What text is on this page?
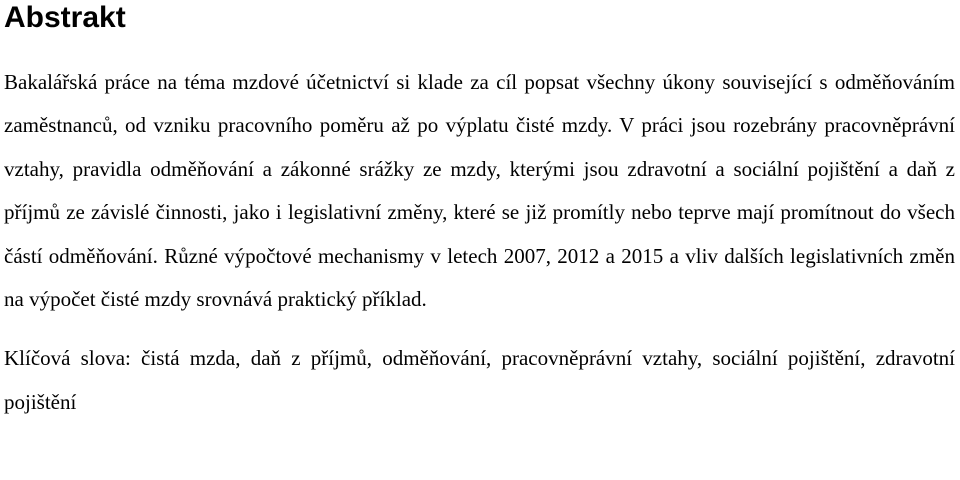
Abstrakt

Bakalářská práce na téma mzdové účetnictví si klade za cíl popsat všechny úkony související s odměňováním zaměstnanců, od vzniku pracovního poměru až po výplatu čisté mzdy. V práci jsou rozebrány pracovněprávní vztahy, pravidla odměňování a zákonné srážky ze mzdy, kterými jsou zdravotní a sociální pojištění a daň z příjmů ze závislé činnosti, jako i legislativní změny, které se již promítly nebo teprve mají promítnout do všech částí odměňování. Různé výpočtové mechanismy v letech 2007, 2012 a 2015 a vliv dalších legislativních změn na výpočet čisté mzdy srovnává praktický příklad.

Klíčová slova: čistá mzda, daň z příjmů, odměňování, pracovněprávní vztahy, sociální pojištění, zdravotní pojištění
